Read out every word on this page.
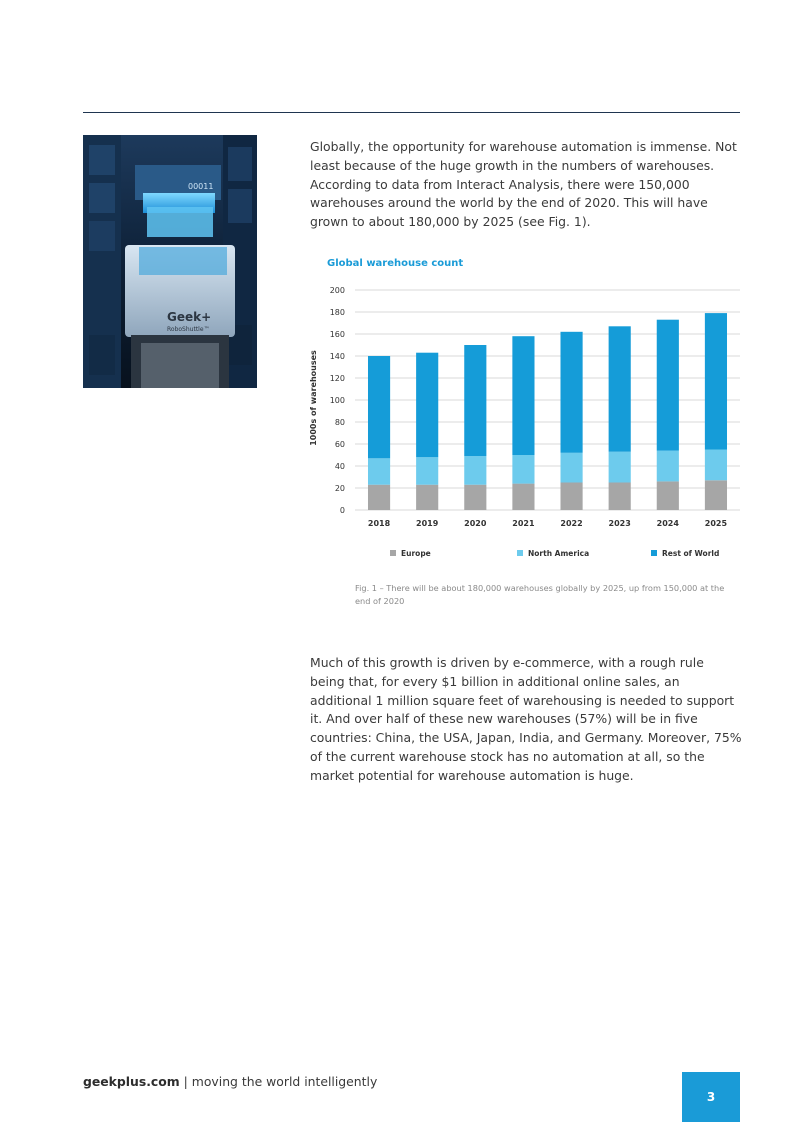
00011
Geek+
RoboShuttle™

Globally, the opportunity for warehouse automation is immense. Not least because of the huge growth in the numbers of warehouses. According to data from Interact Analysis, there were 150,000 warehouses around the world by the end of 2020. This will have grown to about 180,000 by 2025 (see Fig. 1).

Global warehouse count
0
20
40
60
80
100
120
140
160
180
200
2018	2019	2020	2021	2022	2023	2024	2025
1000s of warehouses
Europe	North America	Rest of World

Fig. 1 – There will be about 180,000 warehouses globally by 2025, up from 150,000 at the end of 2020

Much of this growth is driven by e-commerce, with a rough rule being that, for every $1 billion in additional online sales, an additional 1 million square feet of warehousing is needed to support it. And over half of these new warehouses (57%) will be in five countries: China, the USA, Japan, India, and Germany. Moreover, 75% of the current warehouse stock has no automation at all, so the market potential for warehouse automation is huge.

geekplus.com | moving the world intelligently
3
